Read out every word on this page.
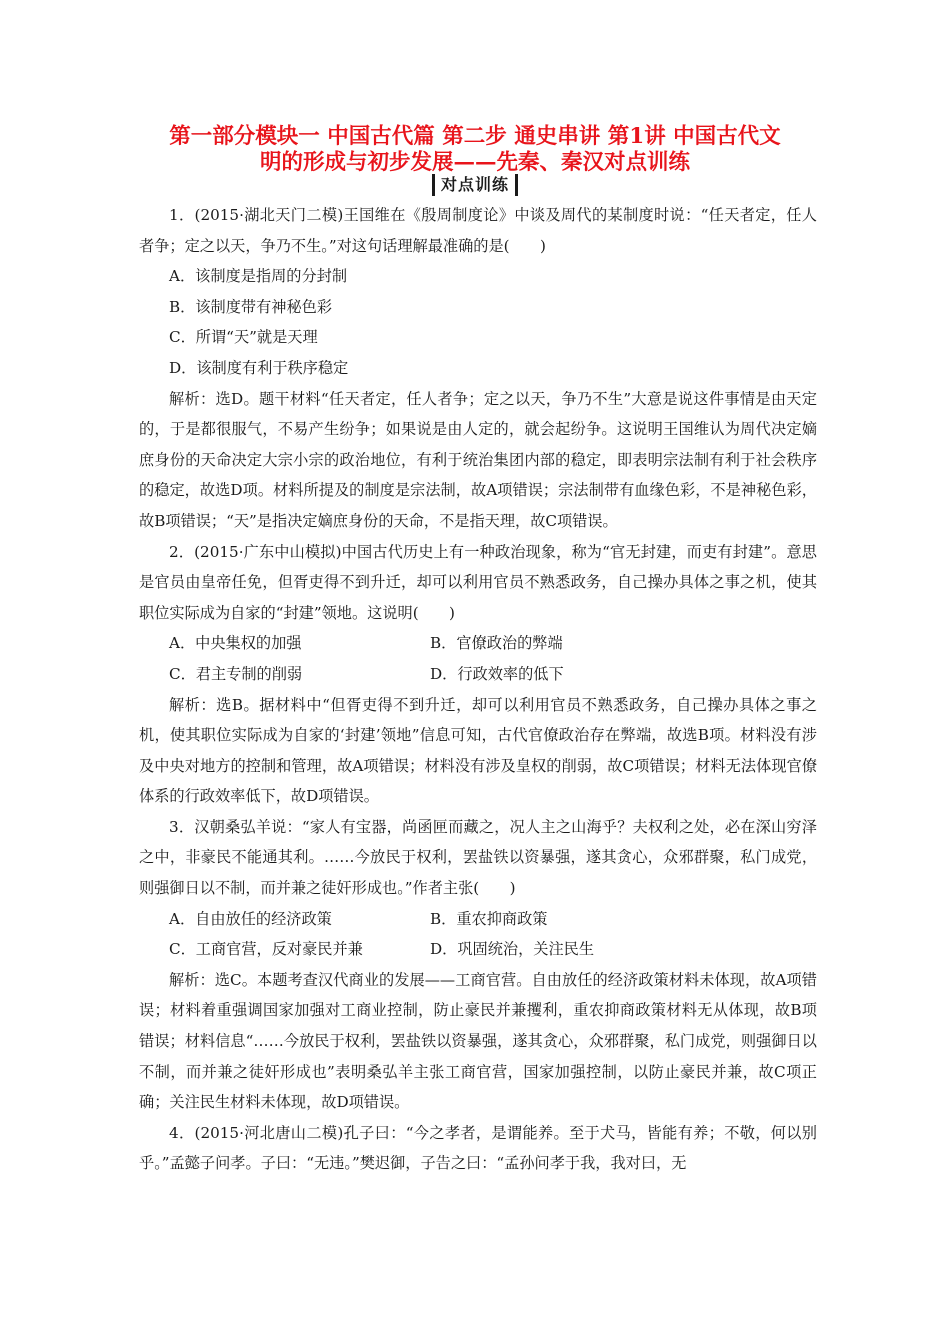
第一部分模块一 中国古代篇 第二步 通史串讲 第1讲 中国古代文
明的形成与初步发展——先秦、秦汉对点训练
对点训练

1．(2015·湖北天门二模)王国维在《殷周制度论》中谈及周代的某制度时说：“任天者定，任人者争；定之以天，争乃不生。”对这句话理解最准确的是(　　)

A．该制度是指周的分封制
B．该制度带有神秘色彩
C．所谓“天”就是天理
D．该制度有利于秩序稳定

解析：选D。题干材料“任天者定，任人者争；定之以天，争乃不生”大意是说这件事情是由天定的，于是都很服气，不易产生纷争；如果说是由人定的，就会起纷争。这说明王国维认为周代决定嫡庶身份的天命决定大宗小宗的政治地位，有利于统治集团内部的稳定，即表明宗法制有利于社会秩序的稳定，故选D项。材料所提及的制度是宗法制，故A项错误；宗法制带有血缘色彩，不是神秘色彩，故B项错误；“天”是指决定嫡庶身份的天命，不是指天理，故C项错误。

2．(2015·广东中山模拟)中国古代历史上有一种政治现象，称为“官无封建，而吏有封建”。意思是官员由皇帝任免，但胥吏得不到升迁，却可以利用官员不熟悉政务，自己操办具体之事之机，使其职位实际成为自家的“封建”领地。这说明(　　)

A．中央集权的加强	B．官僚政治的弊端
C．君主专制的削弱	D．行政效率的低下

解析：选B。据材料中“但胥吏得不到升迁，却可以利用官员不熟悉政务，自己操办具体之事之机，使其职位实际成为自家的‘封建’领地”信息可知，古代官僚政治存在弊端，故选B项。材料没有涉及中央对地方的控制和管理，故A项错误；材料没有涉及皇权的削弱，故C项错误；材料无法体现官僚体系的行政效率低下，故D项错误。

3．汉朝桑弘羊说：“家人有宝器，尚函匣而藏之，况人主之山海乎？夫权利之处，必在深山穷泽之中，非豪民不能通其利。……今放民于权利，罢盐铁以资暴强，遂其贪心，众邪群聚，私门成党，则强御日以不制，而并兼之徒奸形成也。”作者主张(　　)

A．自由放任的经济政策	B．重农抑商政策
C．工商官营，反对豪民并兼	D．巩固统治，关注民生

解析：选C。本题考查汉代商业的发展——工商官营。自由放任的经济政策材料未体现，故A项错误；材料着重强调国家加强对工商业控制，防止豪民并兼攫利，重农抑商政策材料无从体现，故B项错误；材料信息“……今放民于权利，罢盐铁以资暴强，遂其贪心，众邪群聚，私门成党，则强御日以不制，而并兼之徒奸形成也”表明桑弘羊主张工商官营，国家加强控制，以防止豪民并兼，故C项正确；关注民生材料未体现，故D项错误。

4．(2015·河北唐山二模)孔子曰：“今之孝者，是谓能养。至于犬马，皆能有养；不敬，何以别乎。”孟懿子问孝。子曰：“无违。”樊迟御，子告之曰：“孟孙问孝于我，我对曰，无
